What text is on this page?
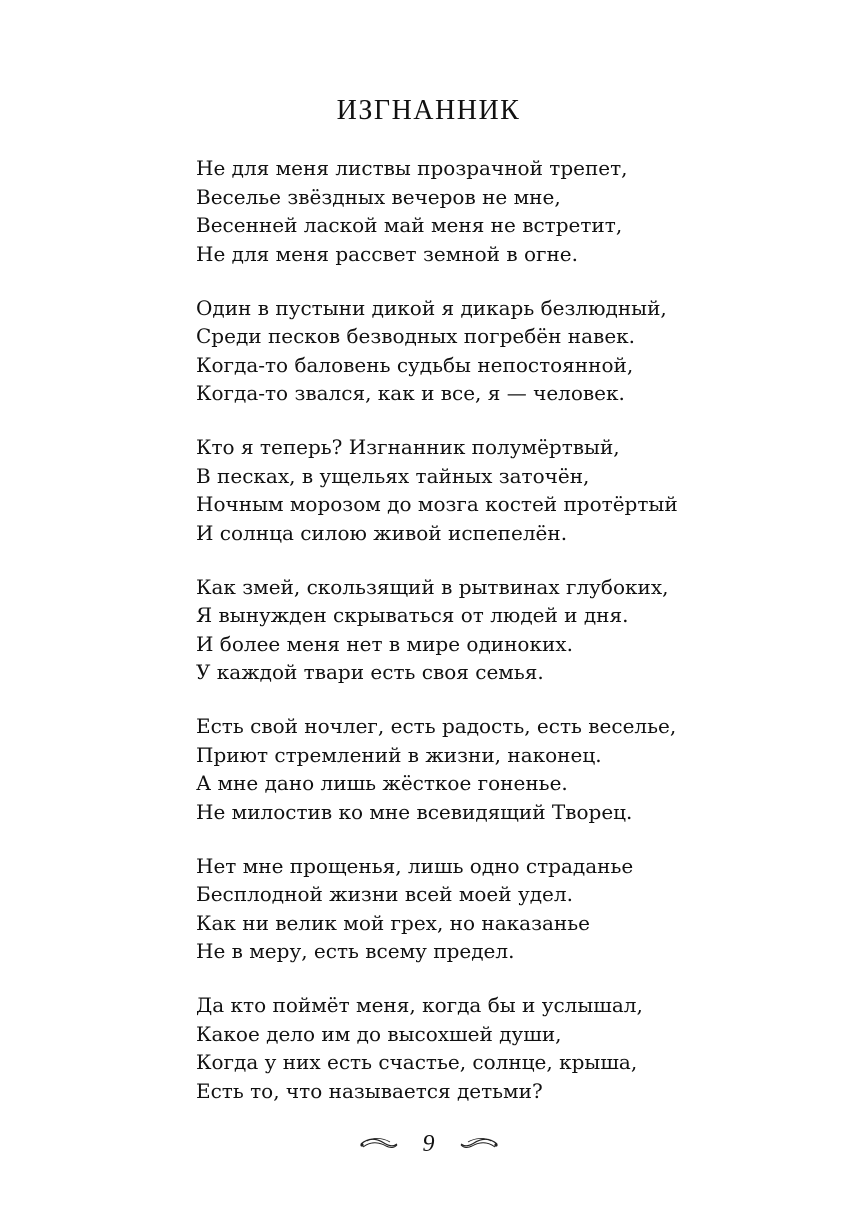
ИЗГНАННИК
Не для меня листвы прозрачной трепет,
Веселье звёздных вечеров не мне,
Весенней лаской май меня не встретит,
Не для меня рассвет земной в огне.
Один в пустыни дикой я дикарь безлюдный,
Среди песков безводных погребён навек.
Когда-то баловень судьбы непостоянной,
Когда-то звался, как и все, я — человек.
Кто я теперь? Изгнанник полумёртвый,
В песках, в ущельях тайных заточён,
Ночным морозом до мозга костей протёртый
И солнца силою живой испепелён.
Как змей, скользящий в рытвинах глубоких,
Я вынужден скрываться от людей и дня.
И более меня нет в мире одиноких.
У каждой твари есть своя семья.
Есть свой ночлег, есть радость, есть веселье,
Приют стремлений в жизни, наконец.
А мне дано лишь жёсткое гоненье.
Не милостив ко мне всевидящий Творец.
Нет мне прощенья, лишь одно страданье
Бесплодной жизни всей моей удел.
Как ни велик мой грех, но наказанье
Не в меру, есть всему предел.
Да кто поймёт меня, когда бы и услышал,
Какое дело им до высохшей души,
Когда у них есть счастье, солнце, крыша,
Есть то, что называется детьми?
9
